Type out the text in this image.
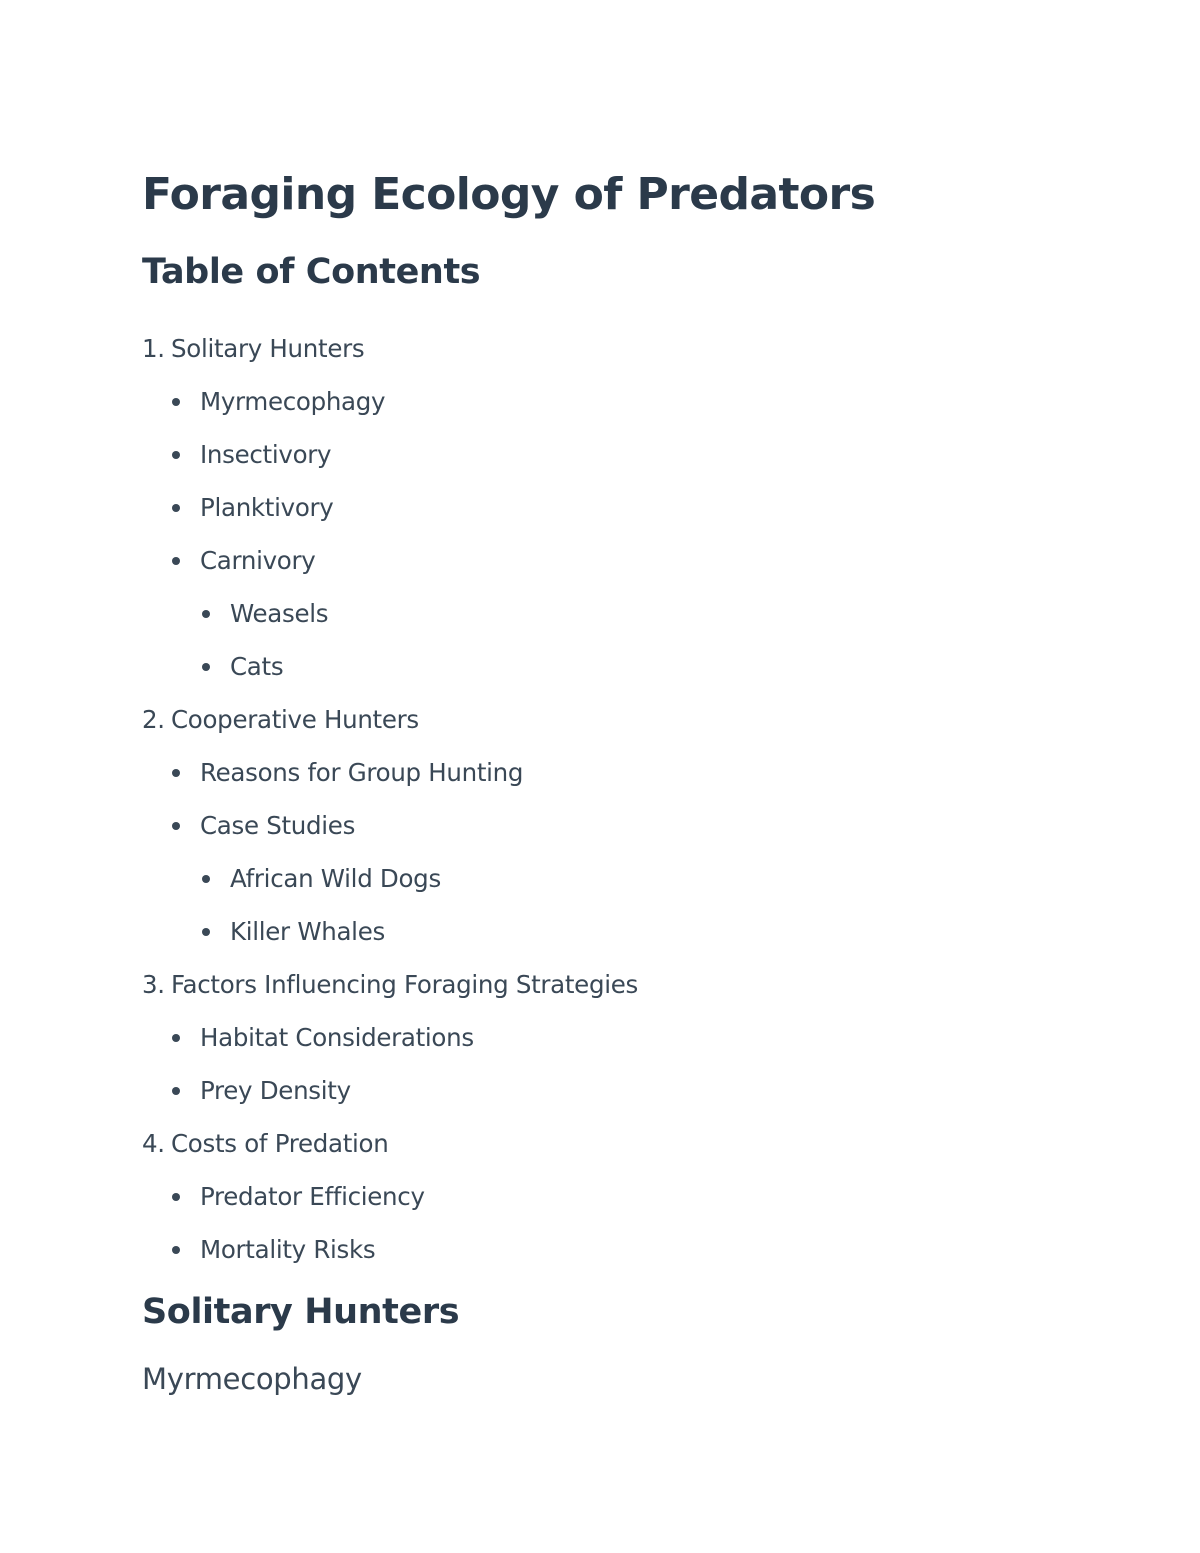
Foraging Ecology of Predators
Table of Contents
1. Solitary Hunters
Myrmecophagy
Insectivory
Planktivory
Carnivory
Weasels
Cats
2. Cooperative Hunters
Reasons for Group Hunting
Case Studies
African Wild Dogs
Killer Whales
3. Factors Influencing Foraging Strategies
Habitat Considerations
Prey Density
4. Costs of Predation
Predator Efficiency
Mortality Risks
Solitary Hunters
Myrmecophagy
